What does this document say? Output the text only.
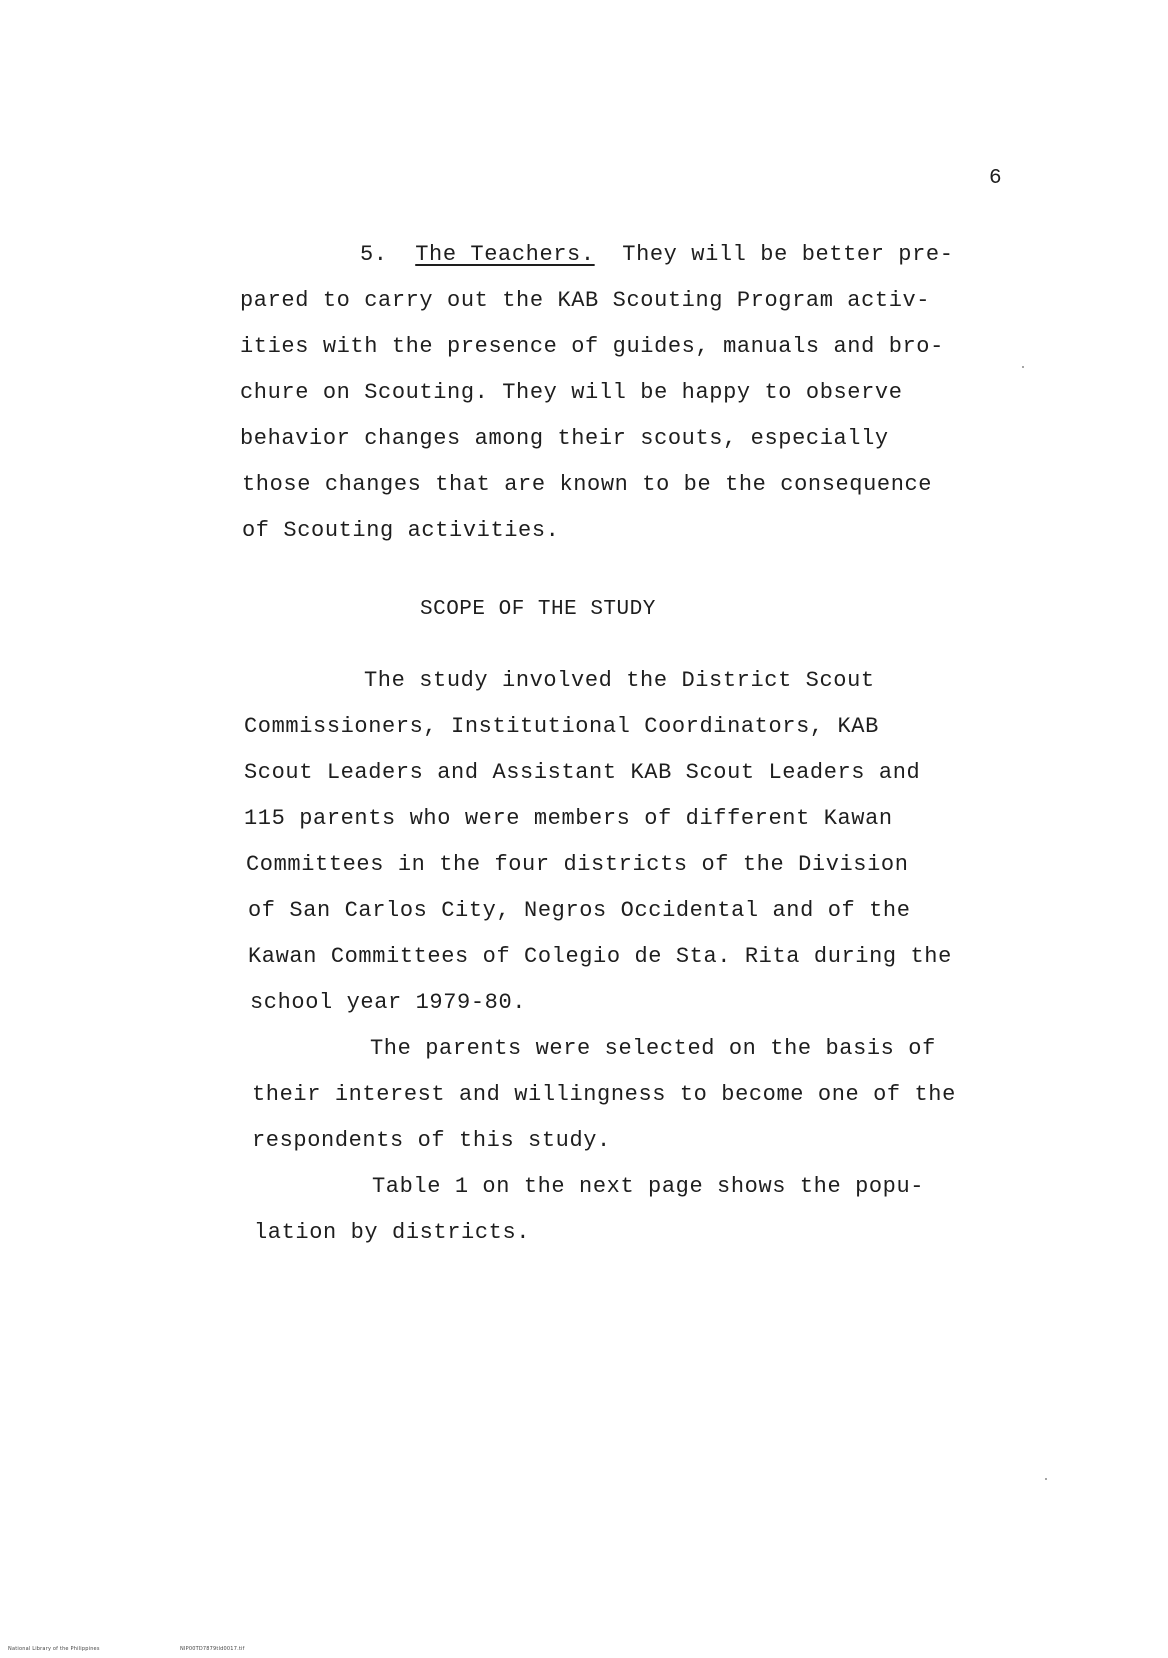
6
5. The Teachers. They will be better pre-
pared to carry out the KAB Scouting Program activ-
ities with the presence of guides, manuals and bro-
chure on Scouting. They will be happy to observe
behavior changes among their scouts, especially
those changes that are known to be the consequence
of Scouting activities.
SCOPE OF THE STUDY
The study involved the District Scout
Commissioners, Institutional Coordinators, KAB
Scout Leaders and Assistant KAB Scout Leaders and
115 parents who were members of different Kawan
Committees in the four districts of the Division
of San Carlos City, Negros Occidental and of the
Kawan Committees of Colegio de Sta. Rita during the
school year 1979-80.
The parents were selected on the basis of
their interest and willingness to become one of the
respondents of this study.
Table 1 on the next page shows the popu-
lation by districts.
National Library of the Philippines	NIP00TD7879tld0017.tif
